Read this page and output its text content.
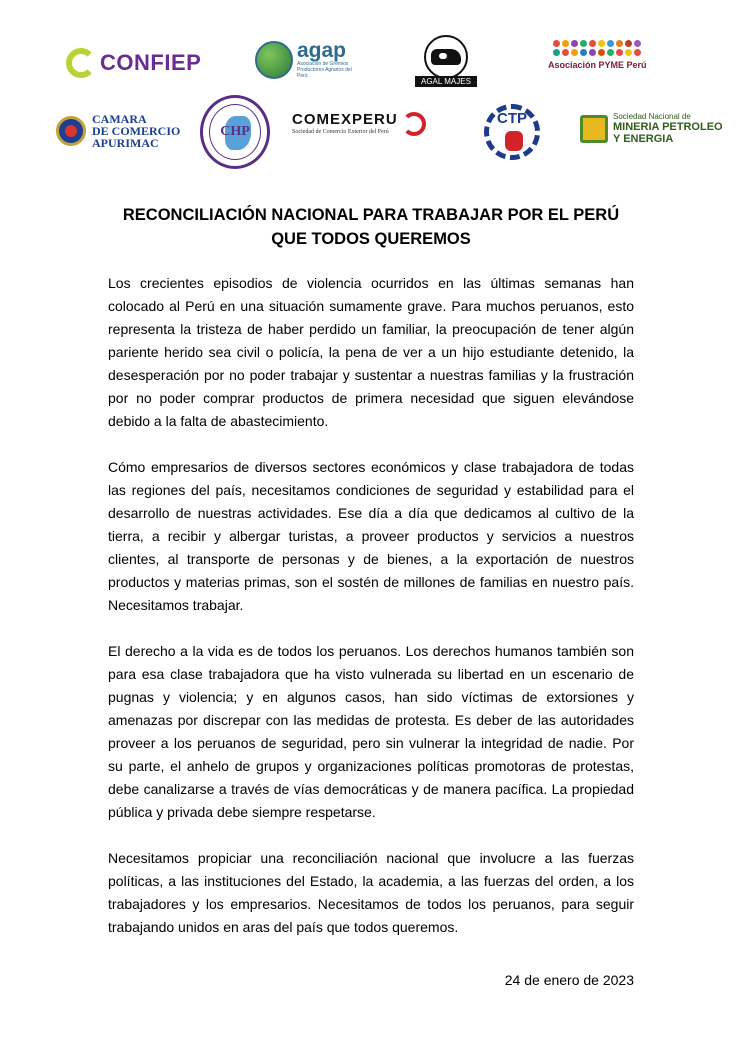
CONFIEP	agap
Asociación de Gremios Productores Agrarios del Perú
AGAL MAJES
Asociación PYME Perú
CAMARA
DE COMERCIO
APURIMAC
CHP
COMEXPERU
Sociedad de Comercio Exterior del Perú
CTP	Sociedad Nacional de
MINERIA PETROLEO
Y ENERGIA
RECONCILIACIÓN NACIONAL PARA TRABAJAR POR EL PERÚ
QUE TODOS QUEREMOS

Los crecientes episodios de violencia ocurridos en las últimas semanas han colocado al Perú en una situación sumamente grave. Para muchos peruanos, esto representa la tristeza de haber perdido un familiar, la preocupación de tener algún pariente herido sea civil o policía, la pena de ver a un hijo estudiante detenido, la desesperación por no poder trabajar y sustentar a nuestras familias y la frustración por no poder comprar productos de primera necesidad que siguen elevándose debido a la falta de abastecimiento.

Cómo empresarios de diversos sectores económicos y clase trabajadora de todas las regiones del país, necesitamos condiciones de seguridad y estabilidad para el desarrollo de nuestras actividades. Ese día a día que dedicamos al cultivo de la tierra, a recibir y albergar turistas, a proveer productos y servicios a nuestros clientes, al transporte de personas y de bienes, a la exportación de nuestros productos y materias primas, son el sostén de millones de familias en nuestro país. Necesitamos trabajar.

El derecho a la vida es de todos los peruanos. Los derechos humanos también son para esa clase trabajadora que ha visto vulnerada su libertad en un escenario de pugnas y violencia; y en algunos casos, han sido víctimas de extorsiones y amenazas por discrepar con las medidas de protesta. Es deber de las autoridades proveer a los peruanos de seguridad, pero sin vulnerar la integridad de nadie. Por su parte, el anhelo de grupos y organizaciones políticas promotoras de protestas, debe canalizarse a través de vías democráticas y de manera pacífica. La propiedad pública y privada debe siempre respetarse.

Necesitamos propiciar una reconciliación nacional que involucre a las fuerzas políticas, a las instituciones del Estado, la academia, a las fuerzas del orden, a los trabajadores y los empresarios. Necesitamos de todos los peruanos, para seguir trabajando unidos en aras del país que todos queremos.

24 de enero de 2023
